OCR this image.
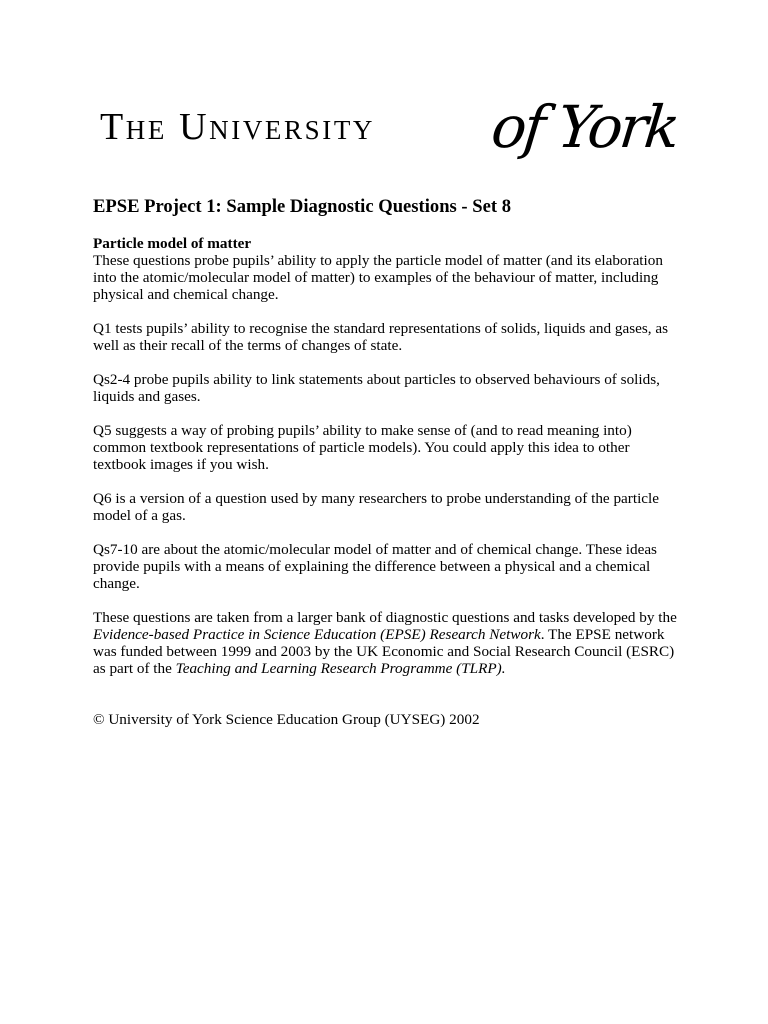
The University of York
EPSE Project 1: Sample Diagnostic Questions - Set 8
Particle model of matter

These questions probe pupils’ ability to apply the particle model of matter (and its elaboration into the atomic/molecular model of matter) to examples of the behaviour of matter, including physical and chemical change.

Q1 tests pupils’ ability to recognise the standard representations of solids, liquids and gases, as well as their recall of the terms of changes of state.

Qs2-4 probe pupils ability to link statements about particles to observed behaviours of solids, liquids and gases.

Q5 suggests a way of probing pupils’ ability to make sense of (and to read meaning into) common textbook representations of particle models). You could apply this idea to other textbook images if you wish.

Q6 is a version of a question used by many researchers to probe understanding of the particle model of a gas.

Qs7-10 are about the atomic/molecular model of matter and of chemical change. These ideas provide pupils with a means of explaining the difference between a physical and a chemical change.

These questions are taken from a larger bank of diagnostic questions and tasks developed by the Evidence-based Practice in Science Education (EPSE) Research Network. The EPSE network was funded between 1999 and 2003 by the UK Economic and Social Research Council (ESRC) as part of the Teaching and Learning Research Programme (TLRP).

© University of York Science Education Group (UYSEG) 2002
